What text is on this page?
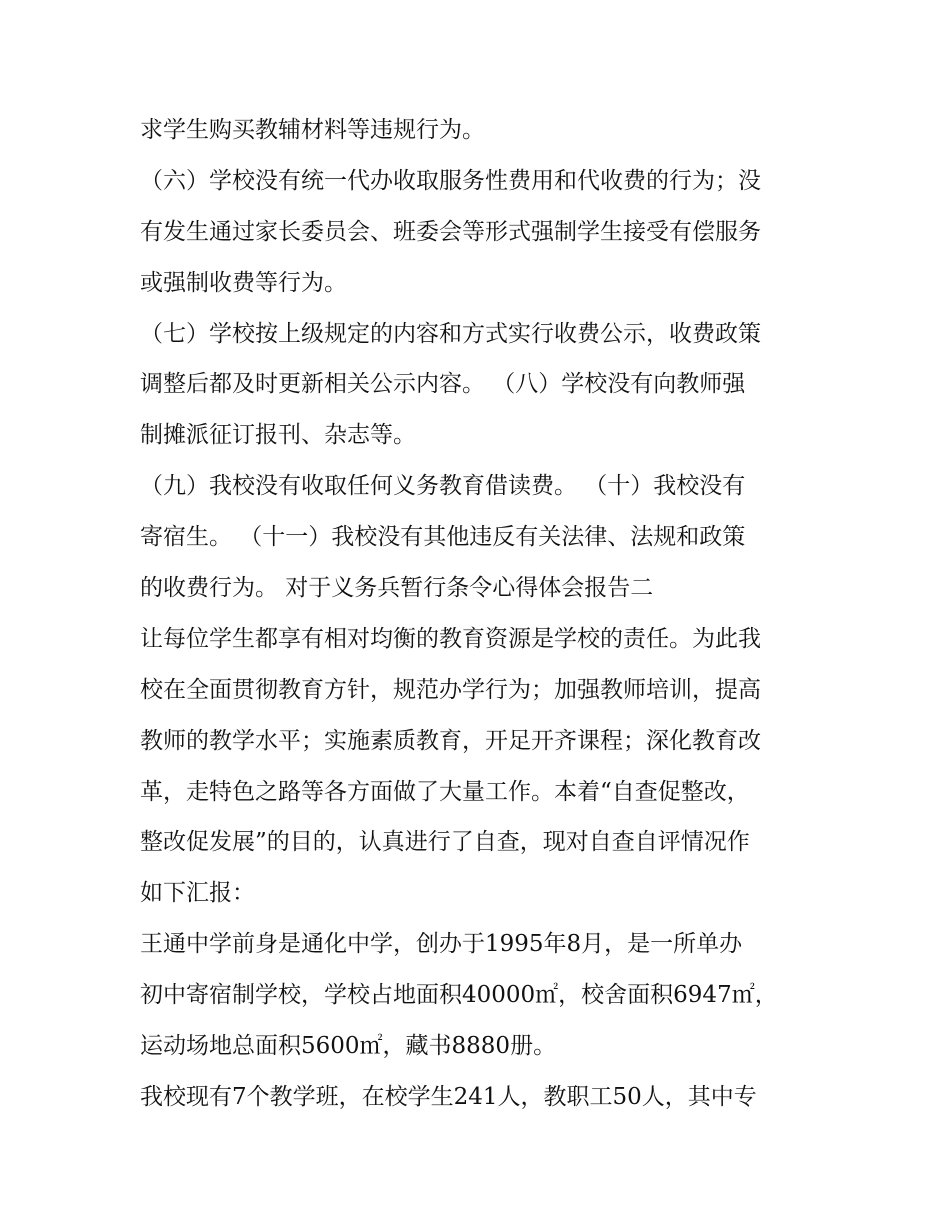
求学生购买教辅材料等违规行为。
（六）学校没有统一代办收取服务性费用和代收费的行为；没
有发生通过家长委员会、班委会等形式强制学生接受有偿服务
或强制收费等行为。
（七）学校按上级规定的内容和方式实行收费公示，收费政策
调整后都及时更新相关公示内容。 （八）学校没有向教师强
制摊派征订报刊、杂志等。
（九）我校没有收取任何义务教育借读费。 （十）我校没有
寄宿生。 （十一）我校没有其他违反有关法律、法规和政策
的收费行为。 对于义务兵暂行条令心得体会报告二
让每位学生都享有相对均衡的教育资源是学校的责任。为此我
校在全面贯彻教育方针，规范办学行为；加强教师培训，提高
教师的教学水平；实施素质教育，开足开齐课程；深化教育改
革，走特色之路等各方面做了大量工作。本着“自查促整改，
整改促发展”的目的，认真进行了自查，现对自查自评情况作
如下汇报：
王通中学前身是通化中学，创办于1995年8月，是一所单办
初中寄宿制学校，学校占地面积40000㎡，校舍面积6947㎡，
运动场地总面积5600㎡，藏书8880册。
我校现有7个教学班，在校学生241人，教职工50人，其中专
